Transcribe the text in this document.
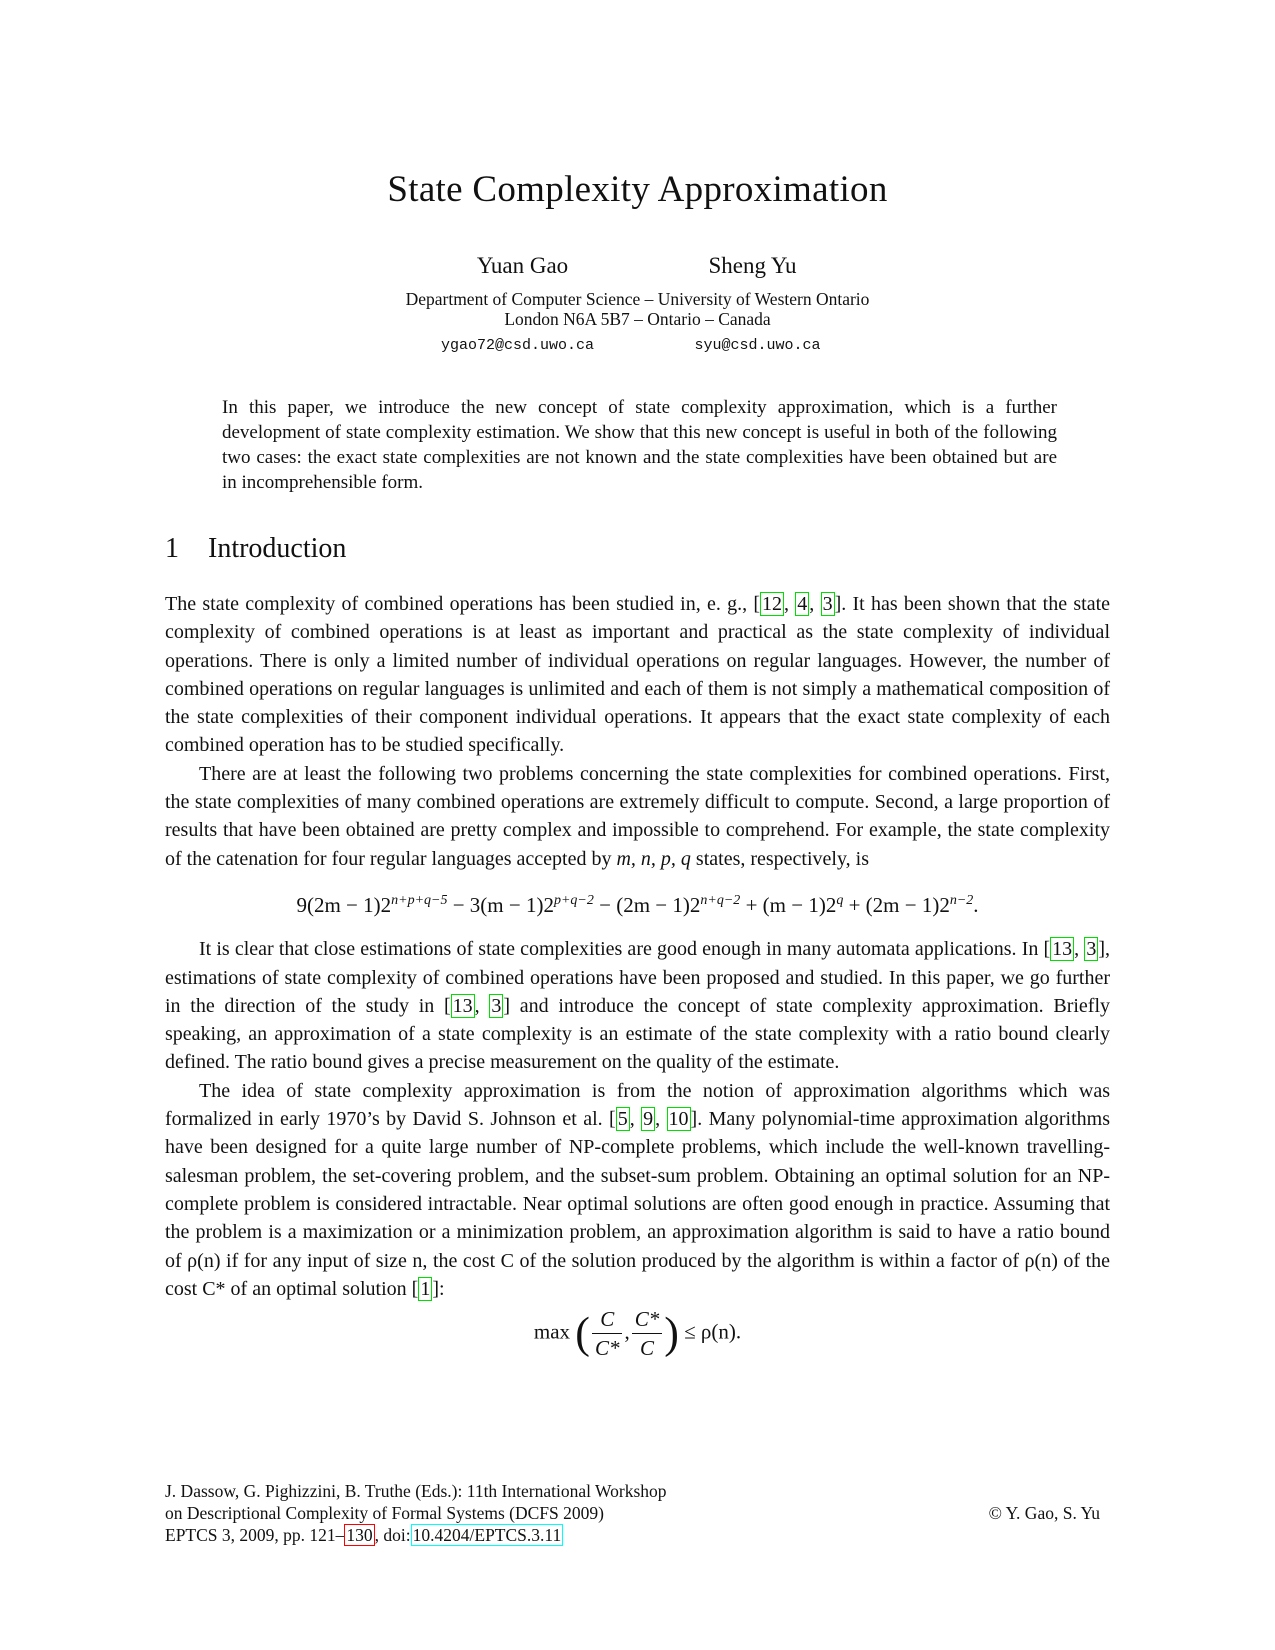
State Complexity Approximation
Yuan Gao	Sheng Yu
Department of Computer Science – University of Western Ontario
London N6A 5B7 – Ontario – Canada
ygao72@csd.uwo.ca	syu@csd.uwo.ca
In this paper, we introduce the new concept of state complexity approximation, which is a further development of state complexity estimation. We show that this new concept is useful in both of the following two cases: the exact state complexities are not known and the state complexities have been obtained but are in incomprehensible form.
1 Introduction

The state complexity of combined operations has been studied in, e. g., [ 12 , 4 , 3 ]. It has been shown that the state complexity of combined operations is at least as important and practical as the state complexity of individual operations. There is only a limited number of individual operations on regular languages. However, the number of combined operations on regular languages is unlimited and each of them is not simply a mathematical composition of the state complexities of their component individual operations. It appears that the exact state complexity of each combined operation has to be studied specifically.

There are at least the following two problems concerning the state complexities for combined operations. First, the state complexities of many combined operations are extremely difficult to compute. Second, a large proportion of results that have been obtained are pretty complex and impossible to comprehend. For example, the state complexity of the catenation for four regular languages accepted by m, n, p, q states, respectively, is

$9(2m - 1)2^{n+p+q-5} - 3(m - 1)2^{p+q-2} - (2m - 1)2^{n+q-2} + (m - 1)2^q + (2m - 1)2^{n-2}$.

It is clear that close estimations of state complexities are good enough in many automata applications. In [ 13 , 3 ], estimations of state complexity of combined operations have been proposed and studied. In this paper, we go further in the direction of the study in [ 13 , 3 ] and introduce the concept of state complexity approximation. Briefly speaking, an approximation of a state complexity is an estimate of the state complexity with a ratio bound clearly defined. The ratio bound gives a precise measurement on the quality of the estimate.

The idea of state complexity approximation is from the notion of approximation algorithms which was formalized in early 1970’s by David S. Johnson et al. [ 5 , 9 , 10 ]. Many polynomial-time approximation algorithms have been designed for a quite large number of NP-complete problems, which include the well-known travelling-salesman problem, the set-covering problem, and the subset-sum problem. Obtaining an optimal solution for an NP-complete problem is considered intractable. Near optimal solutions are often good enough in practice. Assuming that the problem is a maximization or a minimization problem, an approximation algorithm is said to have a ratio bound of ρ(n) if for any input of size n, the cost C of the solution produced by the algorithm is within a factor of ρ(n) of the cost C* of an optimal solution [ 1 ]:

max ( $\frac{C}{C*}$ , $\frac{C*}{C}$ ) ≤ ρ(n).
J. Dassow, G. Pighizzini, B. Truthe (Eds.): 11th International Workshop
on Descriptional Complexity of Formal Systems (DCFS 2009)
EPTCS 3, 2009, pp. 121– 130 , doi: 10.4204/EPTCS.3.11
© Y. Gao, S. Yu
